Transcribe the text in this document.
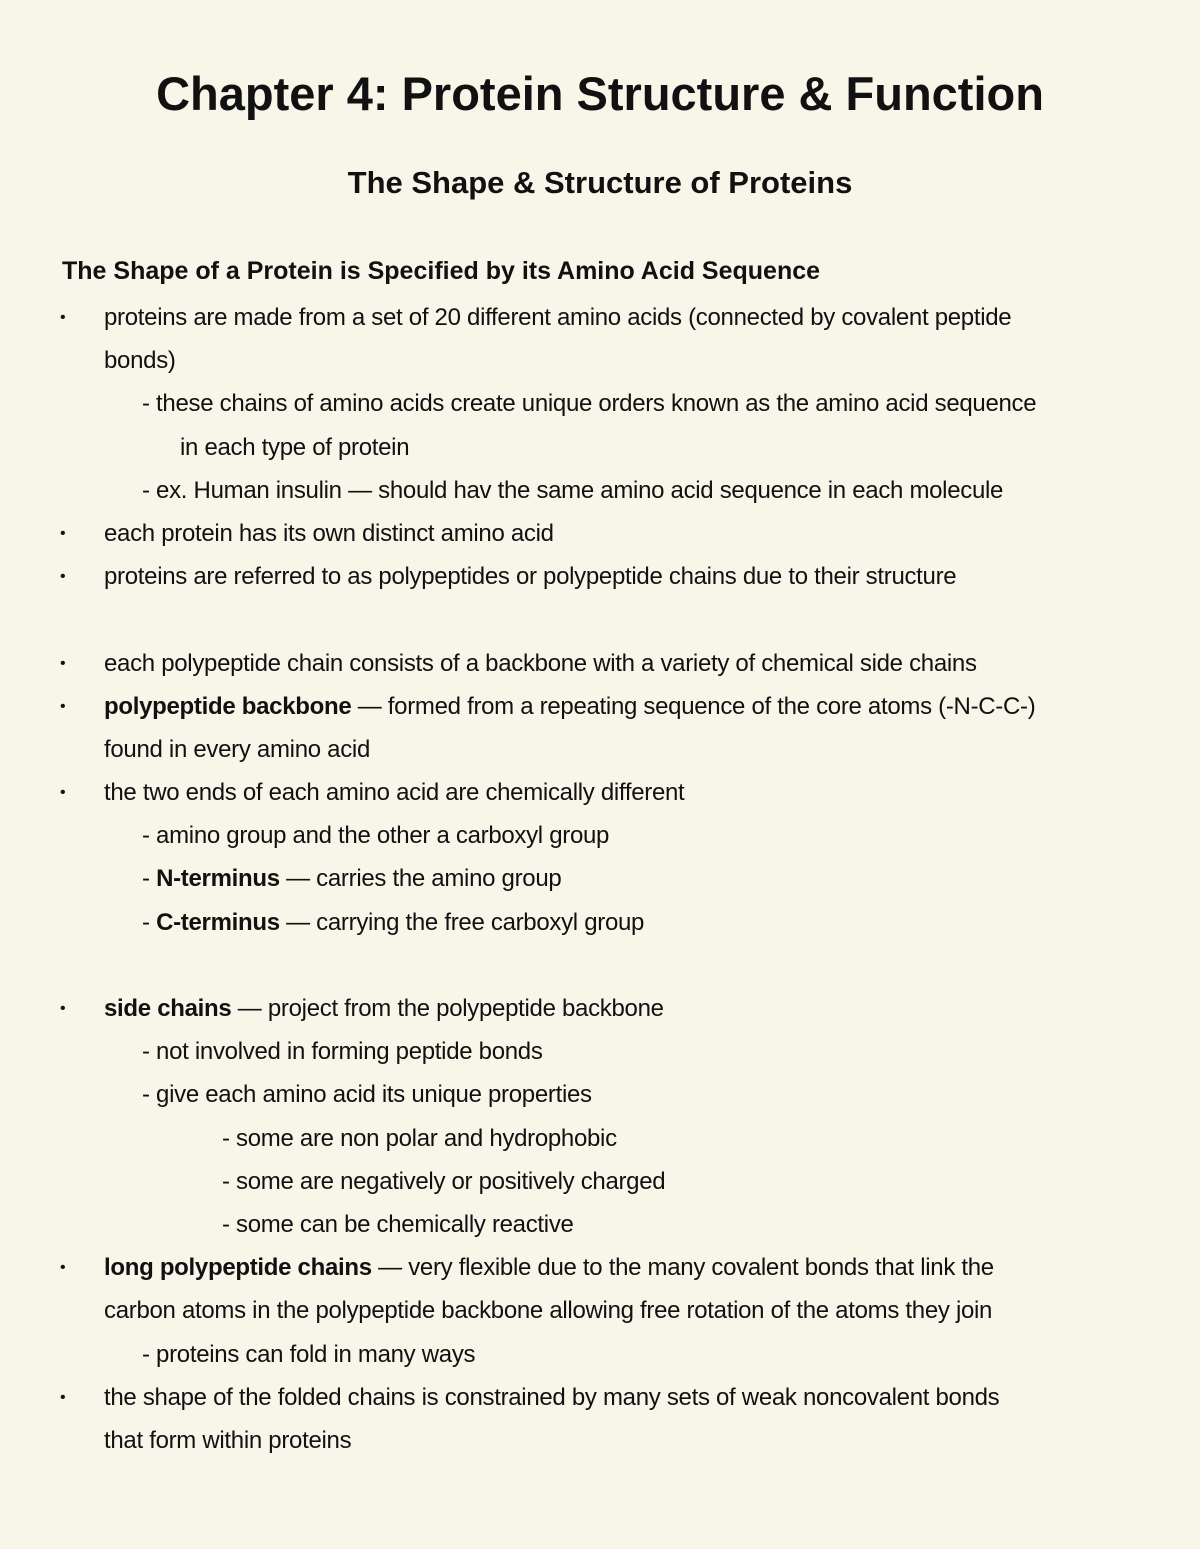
Chapter 4: Protein Structure & Function
The Shape & Structure of Proteins
The Shape of a Protein is Specified by its Amino Acid Sequence
• proteins are made from a set of 20 different amino acids (connected by covalent peptide
bonds)
- these chains of amino acids create unique orders known as the amino acid sequence
in each type of protein
- ex. Human insulin — should hav the same amino acid sequence in each molecule
• each protein has its own distinct amino acid
• proteins are referred to as polypeptides or polypeptide chains due to their structure
• each polypeptide chain consists of a backbone with a variety of chemical side chains
• polypeptide backbone — formed from a repeating sequence of the core atoms (-N-C-C-)
found in every amino acid
• the two ends of each amino acid are chemically different
- amino group and the other a carboxyl group
- N-terminus — carries the amino group
- C-terminus — carrying the free carboxyl group
• side chains — project from the polypeptide backbone
- not involved in forming peptide bonds
- give each amino acid its unique properties
- some are non polar and hydrophobic
- some are negatively or positively charged
- some can be chemically reactive
• long polypeptide chains — very flexible due to the many covalent bonds that link the
carbon atoms in the polypeptide backbone allowing free rotation of the atoms they join
- proteins can fold in many ways
• the shape of the folded chains is constrained by many sets of weak noncovalent bonds
that form within proteins
